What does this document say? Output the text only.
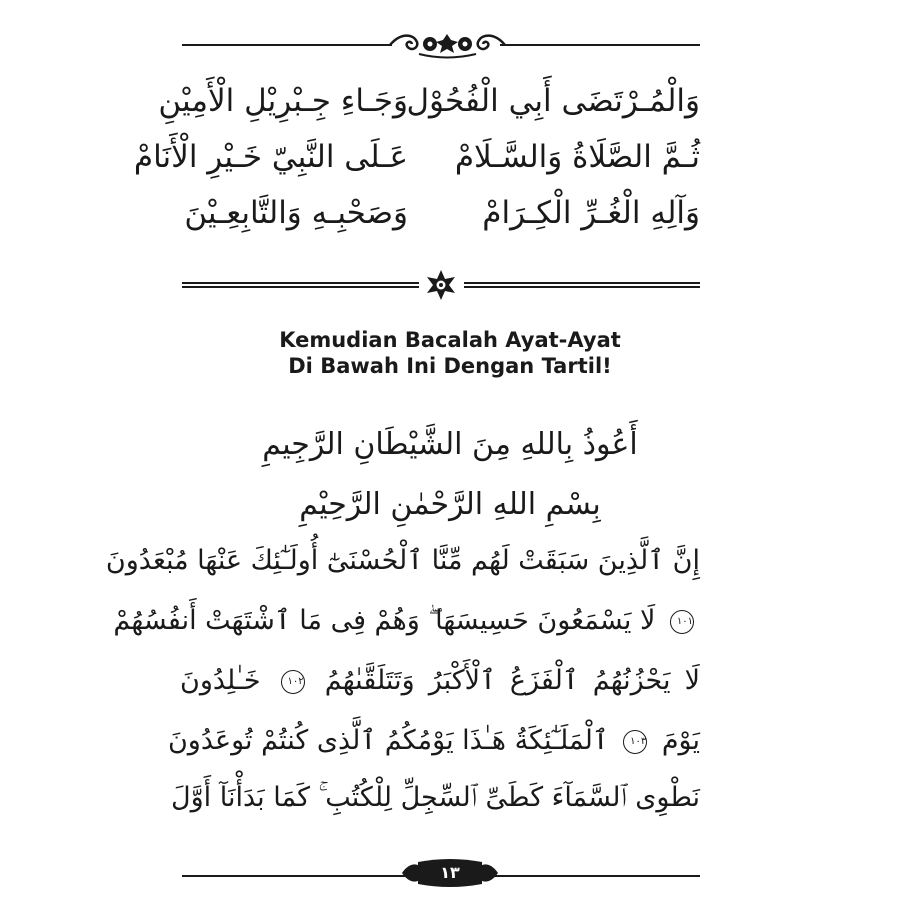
وَالْمُـرْتَضَى أَبِي الْفُحُوْل
وَجَـاءِ جِـبْرِيْلِ الْأَمِيْنِ
ثُـمَّ الصَّلَاةُ وَالسَّـلَامْ
عَـلَى النَّبِيّ خَـيْرِ الْأَنَامْ
وَآلِهِ الْغُـرِّ الْكِـرَامْ
وَصَحْبِـهِ وَالتَّابِعِـيْنَ
Kemudian Bacalah Ayat-Ayat
Di Bawah Ini Dengan Tartil!
أَعُوذُ بِاللهِ مِنَ الشَّيْطَانِ الرَّجِيمِ
بِسْمِ اللهِ الرَّحْمٰنِ الرَّحِيْمِ
إِنَّ ٱلَّذِينَ سَبَقَتْ لَهُم مِّنَّا ٱلْحُسْنَىٰٓ أُولَـٰٓئِكَ عَنْهَا مُبْعَدُونَ
١٠١ لَا يَسْمَعُونَ حَسِيسَهَا ۖ وَهُمْ فِى مَا ٱشْتَهَتْ أَنفُسُهُمْ
لَا يَحْزُنُهُمُ ٱلْفَزَعُ ٱلْأَكْبَرُ وَتَتَلَقَّىٰهُمُ ١٠٢ خَـٰلِدُونَ
يَوْمَ ١٠٣ ٱلْمَلَـٰٓئِكَةُ هَـٰذَا يَوْمُكُمُ ٱلَّذِى كُنتُمْ تُوعَدُونَ
نَطْوِى ٱلسَّمَآءَ كَطَىِّ ٱلسِّجِلِّ لِلْكُتُبِ ۚ كَمَا بَدَأْنَآ أَوَّلَ
١٣
